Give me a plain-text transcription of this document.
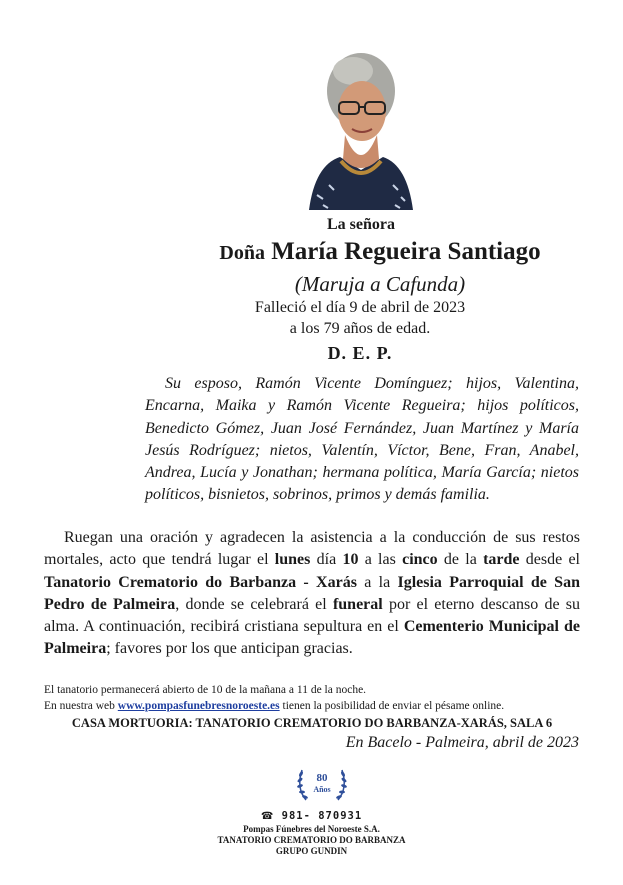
La señora
Doña María Regueira Santiago
(Maruja a Cafunda)
Falleció el día 9 de abril de 2023
a los 79 años de edad.
D. E. P.

Su esposo, Ramón Vicente Domínguez; hijos, Valentina, Encarna, Maika y Ramón Vicente Regueira; hijos políticos, Benedicto Gómez, Juan José Fernández, Juan Martínez y María Jesús Rodríguez; nietos, Valentín, Víctor, Bene, Fran, Anabel, Andrea, Lucía y Jonathan; hermana política, María García; nietos políticos, bisnietos, sobrinos, primos y demás familia.

Ruegan una oración y agradecen la asistencia a la conducción de sus restos mortales, acto que tendrá lugar el lunes día 10 a las cinco de la tarde desde el Tanatorio Crematorio do Barbanza - Xarás a la Iglesia Parroquial de San Pedro de Palmeira, donde se celebrará el funeral por el eterno descanso de su alma. A continuación, recibirá cristiana sepultura en el Cementerio Municipal de Palmeira; favores por los que anticipan gracias.

El tanatorio permanecerá abierto de 10 de la mañana a 11 de la noche.
En nuestra web www.pompasfunebresnoroeste.es tienen la posibilidad de enviar el pésame online.
CASA MORTUORIA: TANATORIO CREMATORIO DO BARBANZA-XARÁS, SALA 6
En Bacelo - Palmeira, abril de 2023
80
Años
☎ 981- 870931
Pompas Fúnebres del Noroeste S.A.
TANATORIO CREMATORIO DO BARBANZA
GRUPO GUNDIN
